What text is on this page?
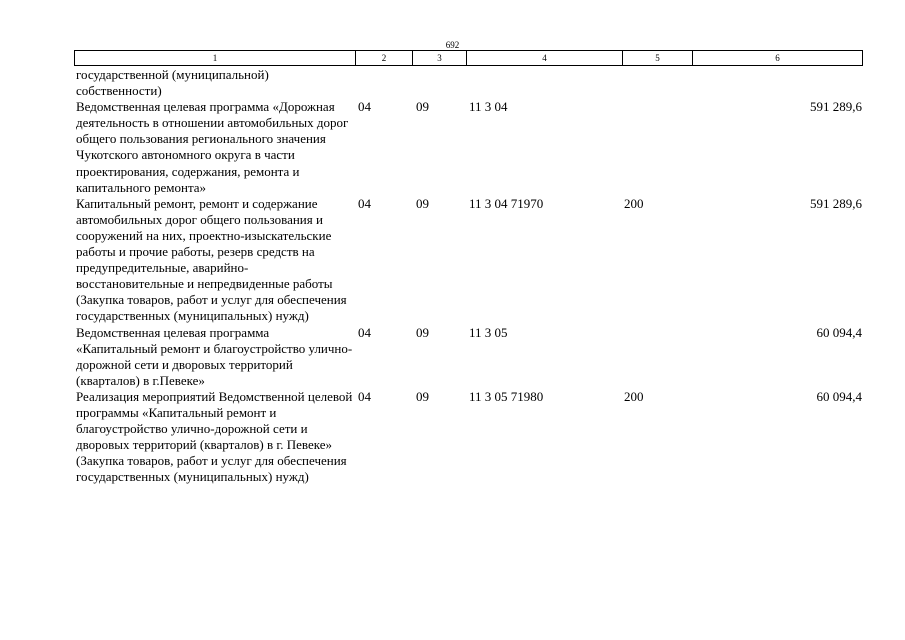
692
1	2	3	4	5	6
государственной (муниципальной) собственности)					
Ведомственная целевая программа «Дорожная деятельность в отношении автомобильных дорог общего пользования регионального значения Чукотского автономного округа в части проектирования, содержания, ремонта и капитального ремонта»	04	09	11 3 04		591 289,6
Капитальный ремонт, ремонт и содержание автомобильных дорог общего пользования и сооружений на них, проектно-изыскательские работы и прочие работы, резерв средств на предупредительные, аварийно-восстановительные и непредвиденные работы (Закупка товаров, работ и услуг для обеспечения государственных (муниципальных) нужд)	04	09	11 3 04 71970	200	591 289,6
Ведомственная целевая программа «Капитальный ремонт и благоустройство улично-дорожной сети и дворовых территорий (кварталов) в г.Певеке»	04	09	11 3 05		60 094,4
Реализация мероприятий Ведомственной целевой программы «Капитальный ремонт и благоустройство улично-дорожной сети и дворовых территорий (кварталов) в г. Певеке» (Закупка товаров, работ и услуг для обеспечения государственных (муниципальных) нужд)	04	09	11 3 05 71980	200	60 094,4
